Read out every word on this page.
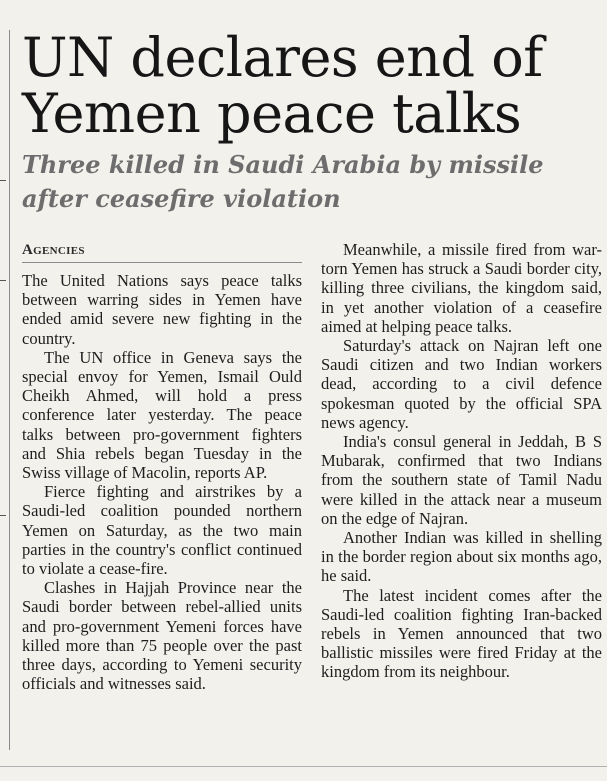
UN declares end of
Yemen peace talks
Three killed in Saudi Arabia by missile
after ceasefire violation
Agencies

The United Nations says peace talks between warring sides in Yemen have ended amid severe new fighting in the country.

The UN office in Geneva says the special envoy for Yemen, Ismail Ould Cheikh Ahmed, will hold a press conference later yesterday. The peace talks between pro-government fighters and Shia rebels began Tuesday in the Swiss village of Macolin, reports AP.

Fierce fighting and airstrikes by a Saudi-led coalition pounded northern Yemen on Saturday, as the two main parties in the country's conflict continued to violate a cease-fire.

Clashes in Hajjah Province near the Saudi border between rebel-allied units and pro-government Yemeni forces have killed more than 75 people over the past three days, according to Yemeni security officials and witnesses said.

Meanwhile, a missile fired from war-torn Yemen has struck a Saudi border city, killing three civilians, the kingdom said, in yet another violation of a ceasefire aimed at helping peace talks.

Saturday's attack on Najran left one Saudi citizen and two Indian workers dead, according to a civil defence spokesman quoted by the official SPA news agency.

India's consul general in Jeddah, B S Mubarak, confirmed that two Indians from the southern state of Tamil Nadu were killed in the attack near a museum on the edge of Najran.

Another Indian was killed in shelling in the border region about six months ago, he said.

The latest incident comes after the Saudi-led coalition fighting Iran-backed rebels in Yemen announced that two ballistic missiles were fired Friday at the kingdom from its neighbour.
